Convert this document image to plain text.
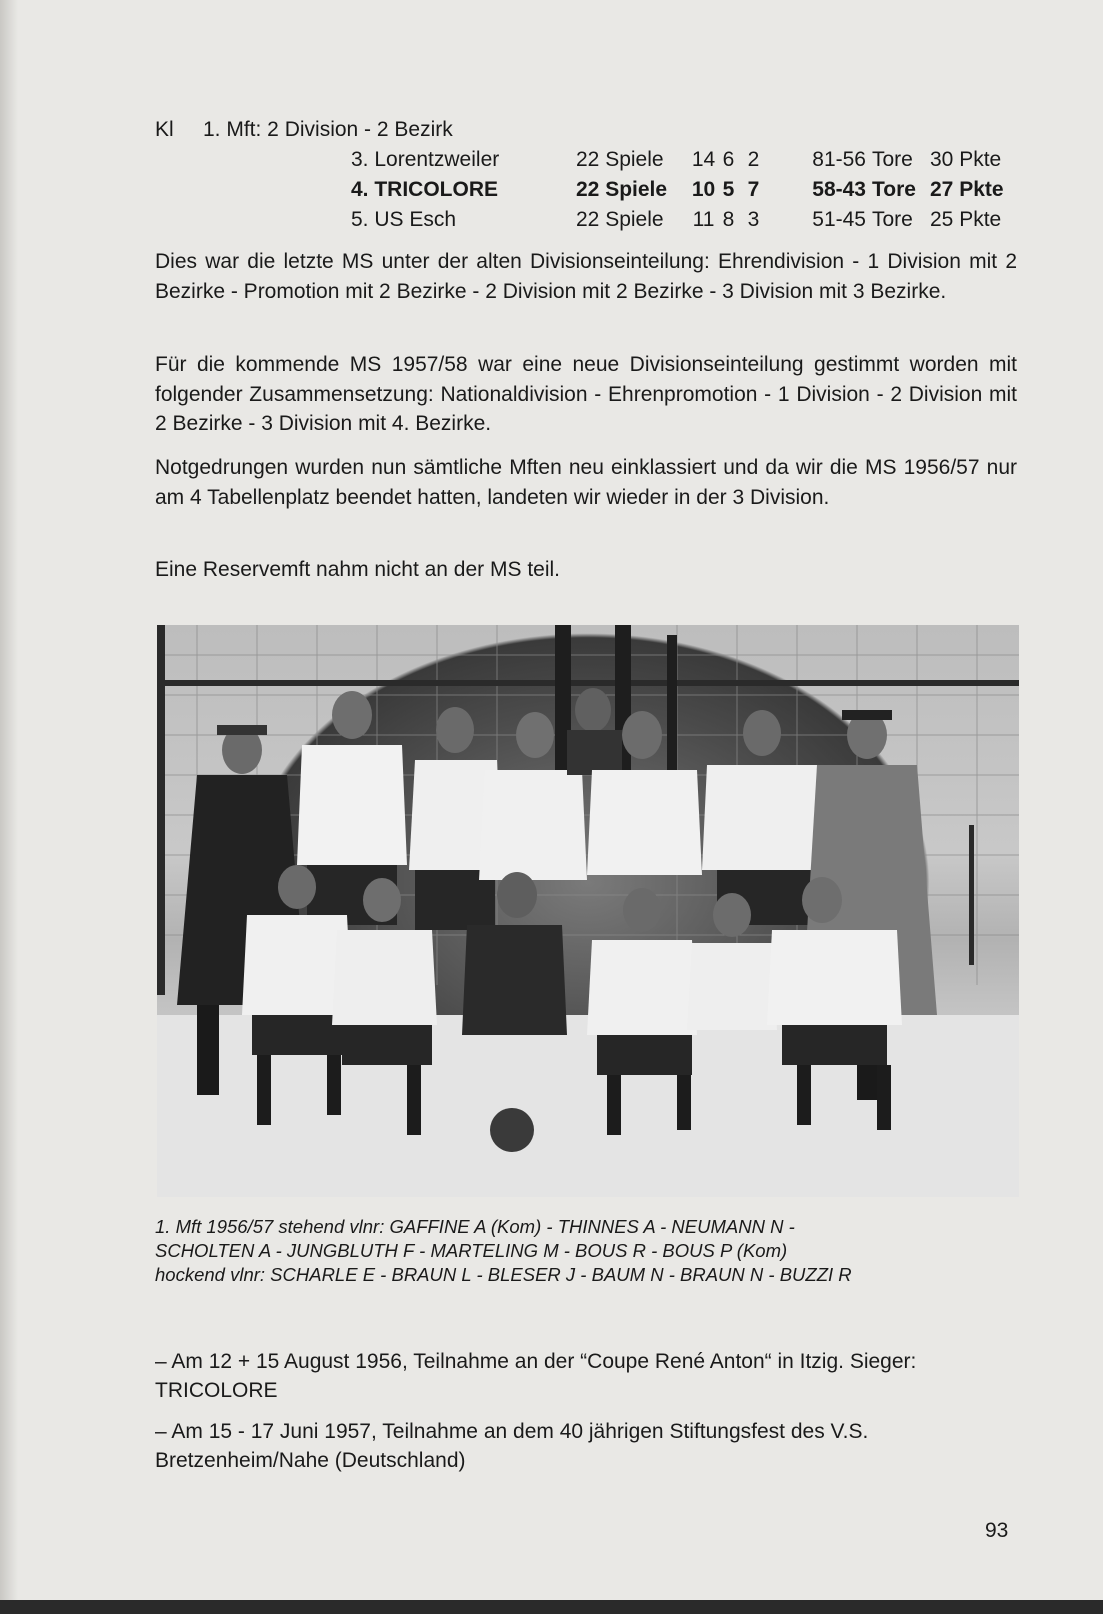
Kl 1. Mft: 2 Division - 2 Bezirk
3. Lorentzweiler	22 Spiele	14 6 2	81-56 Tore 30 Pkte
4. TRICOLORE	22 Spiele	10 5 7	58-43 Tore 27 Pkte
5. US Esch	22 Spiele	11 8 3	51-45 Tore 25 Pkte

Dies war die letzte MS unter der alten Divisionseinteilung: Ehrendivision - 1 Division mit 2 Bezirke - Promotion mit 2 Bezirke - 2 Division mit 2 Bezirke - 3 Division mit 3 Bezirke.

Für die kommende MS 1957/58 war eine neue Divisionseinteilung gestimmt worden mit folgender Zusammensetzung: Nationaldivision - Ehrenpromotion - 1 Division - 2 Division mit 2 Bezirke - 3 Division mit 4. Bezirke.

Notgedrungen wurden nun sämtliche Mften neu einklassiert und da wir die MS 1956/57 nur am 4 Tabellenplatz beendet hatten, landeten wir wieder in der 3 Division.

Eine Reservemft nahm nicht an der MS teil.

1. Mft 1956/57 stehend vlnr: GAFFINE A (Kom) - THINNES A - NEUMANN N -
SCHOLTEN A - JUNGBLUTH F - MARTELING M - BOUS R - BOUS P (Kom)
hockend vlnr: SCHARLE E - BRAUN L - BLESER J - BAUM N - BRAUN N - BUZZI R

– Am 12 + 15 August 1956, Teilnahme an der “Coupe René Anton“ in Itzig. Sieger: TRICOLORE

– Am 15 - 17 Juni 1957, Teilnahme an dem 40 jährigen Stiftungsfest des V.S. Bretzenheim/Nahe (Deutschland)

93
